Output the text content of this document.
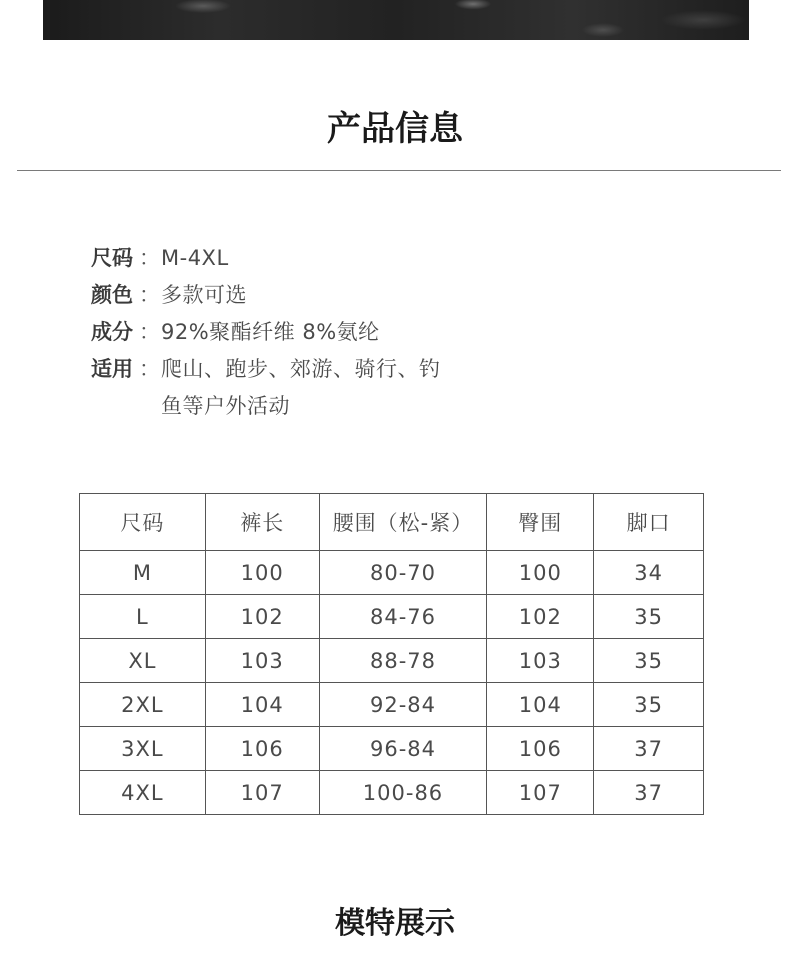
产品信息
尺码 ： M-4XL
颜色 ： 多款可选
成分 ： 92%聚酯纤维 8%氨纶
适用 ： 爬山、跑步、郊游、骑行、钓鱼等户外活动
尺码	裤长	腰围（松-紧）	臀围	脚口
M	100	80-70	100	34
L	102	84-76	102	35
XL	103	88-78	103	35
2XL	104	92-84	104	35
3XL	106	96-84	106	37
4XL	107	100-86	107	37
模特展示
